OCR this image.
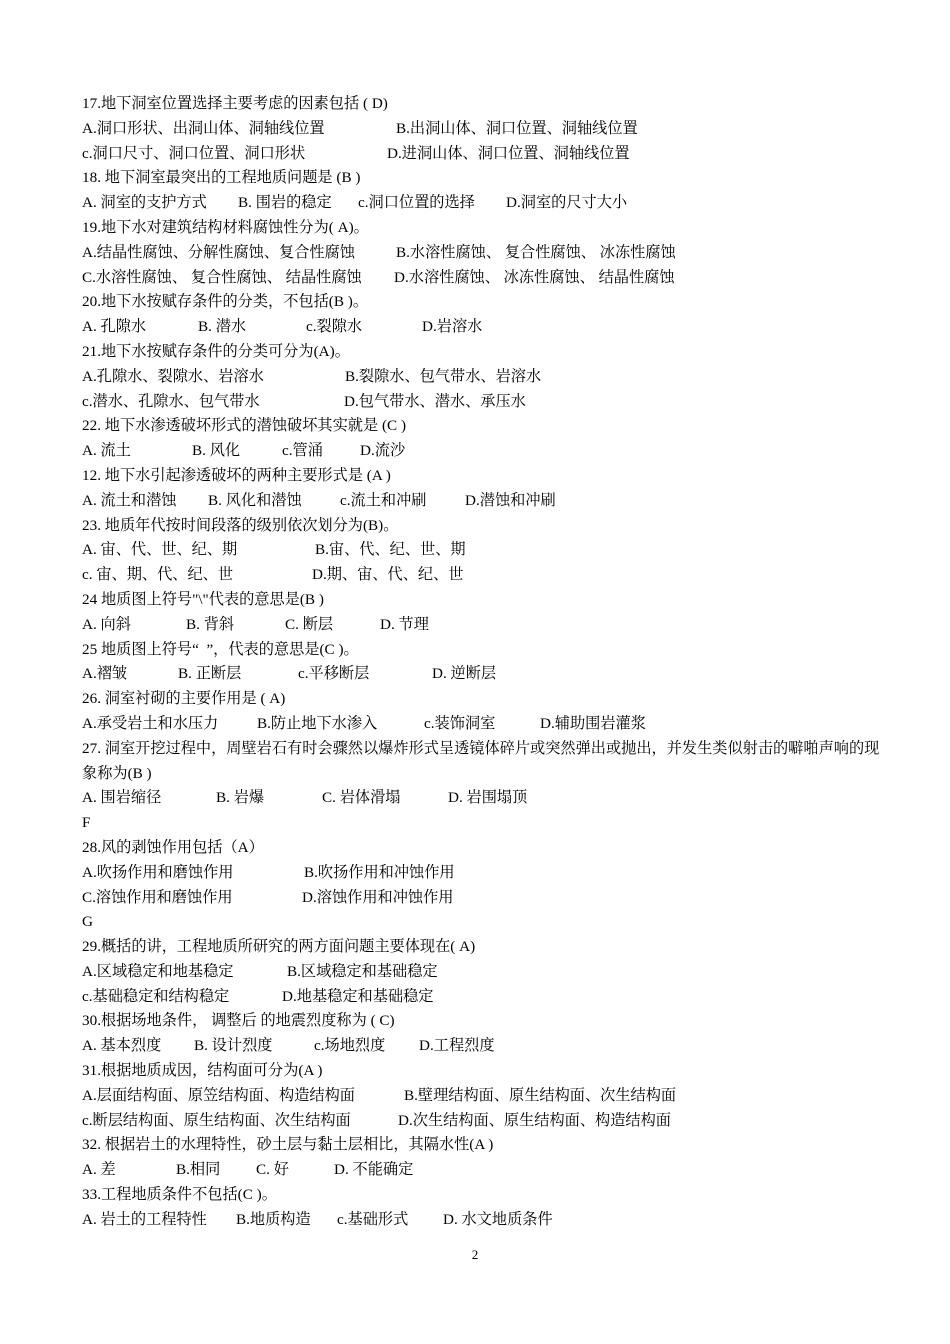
17.地下洞室位置选择主要考虑的因素包括 ( D)
A.洞口形状、出洞山体、洞轴线位置	B.出洞山体、洞口位置、洞轴线位置
c.洞口尺寸、洞口位置、洞口形状	D.进洞山体、洞口位置、洞轴线位置
18. 地下洞室最突出的工程地质问题是 (B )
A. 洞室的支护方式 B. 围岩的稳定 c.洞口位置的选择 D.洞室的尺寸大小
19.地下水对建筑结构材料腐蚀性分为( A)。
A.结晶性腐蚀、分解性腐蚀、复合性腐蚀	B.水溶性腐蚀、 复合性腐蚀、 冰冻性腐蚀
C.水溶性腐蚀、 复合性腐蚀、 结晶性腐蚀 D.水溶性腐蚀、 冰冻性腐蚀、 结晶性腐蚀
20.地下水按赋存条件的分类，不包括(B )。
A. 孔隙水	B. 潜水	c.裂隙水	D.岩溶水
21.地下水按赋存条件的分类可分为(A)。
A.孔隙水、裂隙水、岩溶水	B.裂隙水、包气带水、岩溶水
c.潜水、孔隙水、包气带水	D.包气带水、潜水、承压水
22. 地下水渗透破坏形式的潜蚀破坏其实就是 (C )
A. 流土	B. 风化	c.管涌 D.流沙
12. 地下水引起渗透破坏的两种主要形式是 (A )
A. 流土和潜蚀 B. 风化和潜蚀	c.流土和冲刷	D.潜蚀和冲刷
23. 地质年代按时间段落的级别依次划分为(B)。
A. 宙、代、世、纪、期	B.宙、代、纪、世、期
c. 宙、期、代、纪、世	D.期、宙、代、纪、世
24 地质图上符号"\"代表的意思是(B )
A. 向斜	B. 背斜	C. 断层	D. 节理
25 地质图上符号“  ”，代表的意思是(C )。
A.褶皱	B. 正断层	c.平移断层	D. 逆断层
26. 洞室衬砌的主要作用是 ( A)
A.承受岩土和水压力	B.防止地下水渗入	c.装饰洞室	D.辅助围岩灌浆
27. 洞室开挖过程中，周壁岩石有时会骤然以爆炸形式呈透镜体碎片或突然弹出或抛出，并发生类似射击的噼啪声响的现象称为(B )
A. 围岩缩径	B. 岩爆	C. 岩体滑塌	D. 岩围塌顶
F
28.风的剥蚀作用包括（A）
A.吹扬作用和磨蚀作用	B.吹扬作用和冲蚀作用
C.溶蚀作用和磨蚀作用	D.溶蚀作用和冲蚀作用
G
29.概括的讲，工程地质所研究的两方面问题主要体现在( A)
A.区域稳定和地基稳定	B.区域稳定和基础稳定
c.基础稳定和结构稳定	D.地基稳定和基础稳定
30.根据场地条件， 调整后 的地震烈度称为 ( C)
A. 基本烈度 B. 设计烈度	c.场地烈度 D.工程烈度
31.根据地质成因，结构面可分为(A )
A.层面结构面、原笠结构面、构造结构面	B.壁理结构面、原生结构面、次生结构面
c.断层结构面、原生结构面、次生结构面	D.次生结构面、原生结构面、构造结构面
32. 根据岩土的水理特性，砂土层与黏土层相比，其隔水性(A )
A. 差	B.相同 C. 好	D. 不能确定
33.工程地质条件不包括(C )。
A. 岩土的工程特性 B.地质构造 c.基础形式 D. 水文地质条件
2
